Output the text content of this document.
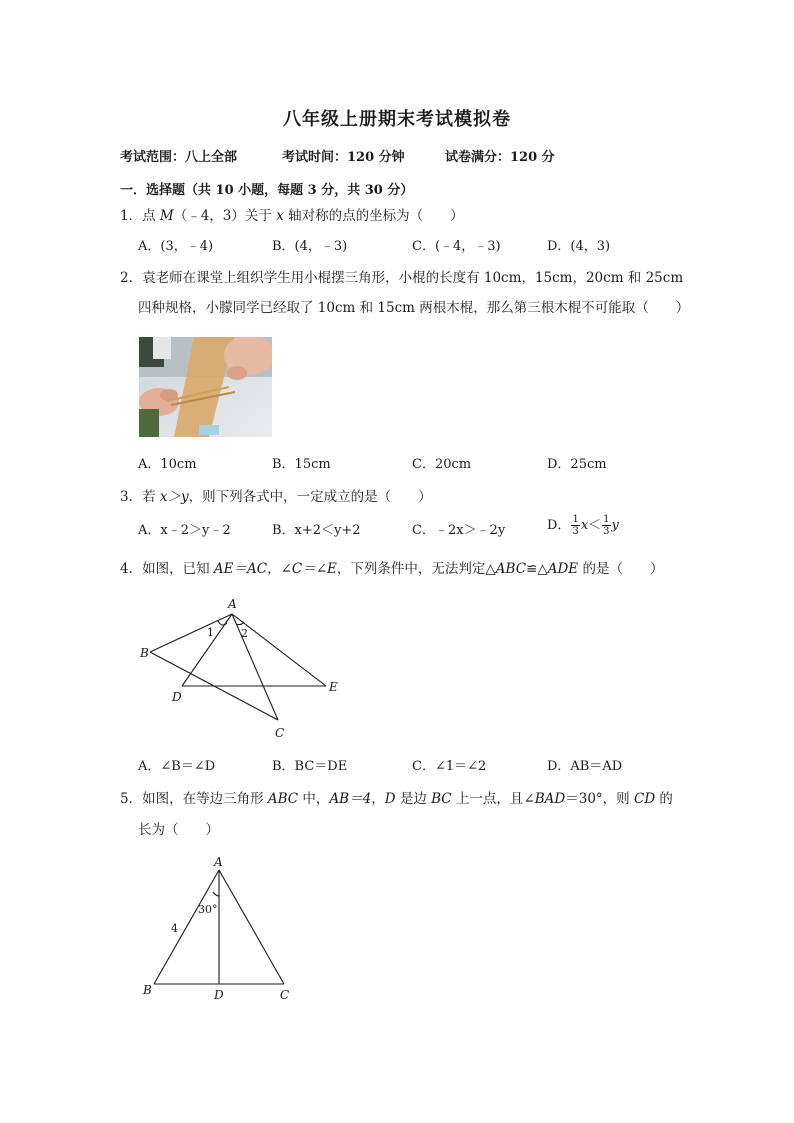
八年级上册期末考试模拟卷
考试范围：八上全部	考试时间：120 分钟	试卷满分：120 分
一．选择题（共 10 小题，每题 3 分，共 30 分）
1．点 M（﹣4，3）关于 x 轴对称的点的坐标为（　　）
A．(3，﹣4)	B．(4，﹣3)	C．(﹣4，﹣3)	D．(4，3)
2．袁老师在课堂上组织学生用小棍摆三角形，小棍的长度有 10cm，15cm，20cm 和 25cm
四种规格，小朦同学已经取了 10cm 和 15cm 两根木棍，那么第三根木棍不可能取（　　）
A．10cm	B．15cm	C．20cm	D．25cm
3．若 x＞y，则下列各式中，一定成立的是（　　）
A．x﹣2＞y﹣2	B．x+2＜y+2	C．﹣2x＞﹣2y	D． $\frac{1}{3} x< \frac{1}{3}$ y
4．如图，已知 AE＝AC，∠C＝∠E，下列条件中，无法判定△ABC≌△ADE 的是（　　）
A
B
C
D
E
1 2
A．∠B＝∠D	B．BC＝DE	C．∠1＝∠2	D．AB＝AD
5．如图，在等边三角形 ABC 中，AB＝4，D 是边 BC 上一点，且∠BAD＝30°，则 CD 的
长为（　　）
A
B	C
D
4
30°
